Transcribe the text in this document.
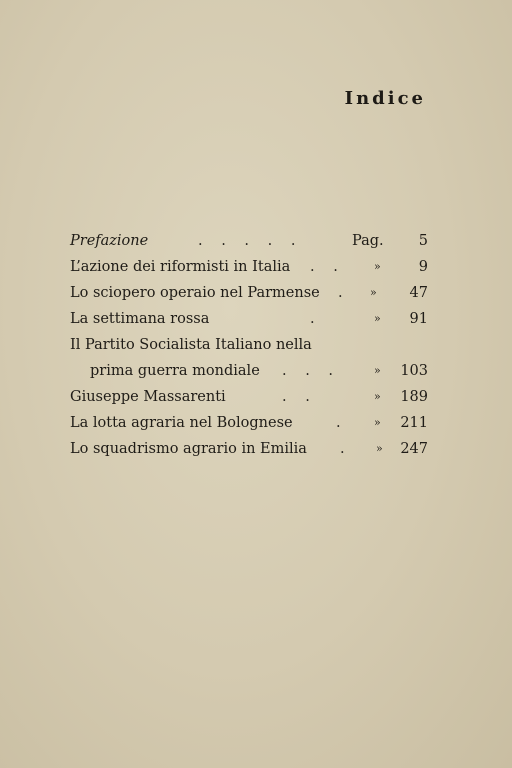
Indice
Prefazione	. . . . .	Pag. 5
L’azione dei riformisti in Italia . .	»	9
Lo sciopero operaio nel Parmense . » 47
La settimana rossa	.	» 91
Il Partito Socialista Italiano nella
prima guerra mondiale . . .	» 103
Giuseppe Massarenti	. .	» 189
La lotta agraria nel Bolognese	. » 211
Lo squadrismo agrario in Emilia . » 247
